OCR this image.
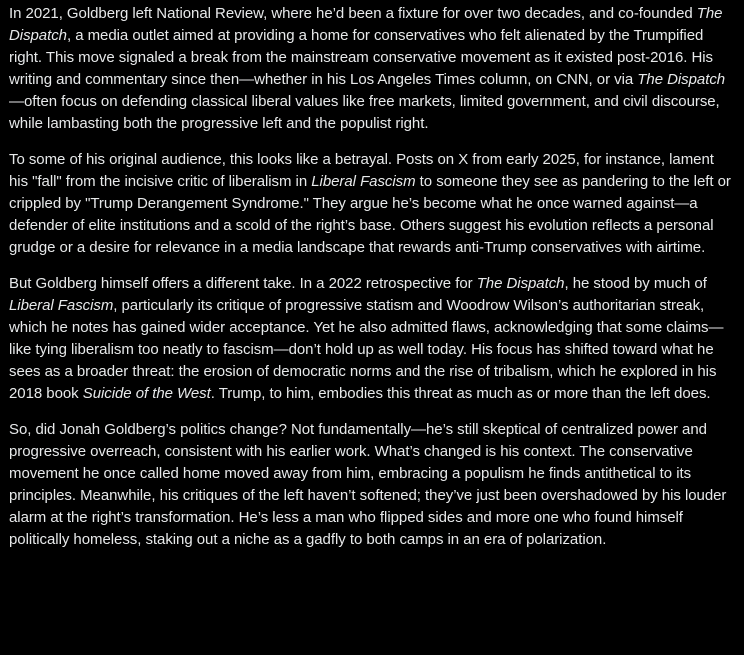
In 2021, Goldberg left National Review, where he’d been a fixture for over two decades, and co-founded The Dispatch, a media outlet aimed at providing a home for conservatives who felt alienated by the Trumpified right. This move signaled a break from the mainstream conservative movement as it existed post-2016. His writing and commentary since then—whether in his Los Angeles Times column, on CNN, or via The Dispatch—often focus on defending classical liberal values like free markets, limited government, and civil discourse, while lambasting both the progressive left and the populist right.

To some of his original audience, this looks like a betrayal. Posts on X from early 2025, for instance, lament his "fall" from the incisive critic of liberalism in Liberal Fascism to someone they see as pandering to the left or crippled by "Trump Derangement Syndrome." They argue he’s become what he once warned against—a defender of elite institutions and a scold of the right’s base. Others suggest his evolution reflects a personal grudge or a desire for relevance in a media landscape that rewards anti-Trump conservatives with airtime.

But Goldberg himself offers a different take. In a 2022 retrospective for The Dispatch, he stood by much of Liberal Fascism, particularly its critique of progressive statism and Woodrow Wilson’s authoritarian streak, which he notes has gained wider acceptance. Yet he also admitted flaws, acknowledging that some claims—like tying liberalism too neatly to fascism—don’t hold up as well today. His focus has shifted toward what he sees as a broader threat: the erosion of democratic norms and the rise of tribalism, which he explored in his 2018 book Suicide of the West. Trump, to him, embodies this threat as much as or more than the left does.

So, did Jonah Goldberg’s politics change? Not fundamentally—he’s still skeptical of centralized power and progressive overreach, consistent with his earlier work. What’s changed is his context. The conservative movement he once called home moved away from him, embracing a populism he finds antithetical to its principles. Meanwhile, his critiques of the left haven’t softened; they’ve just been overshadowed by his louder alarm at the right’s transformation. He’s less a man who flipped sides and more one who found himself politically homeless, staking out a niche as a gadfly to both camps in an era of polarization.
